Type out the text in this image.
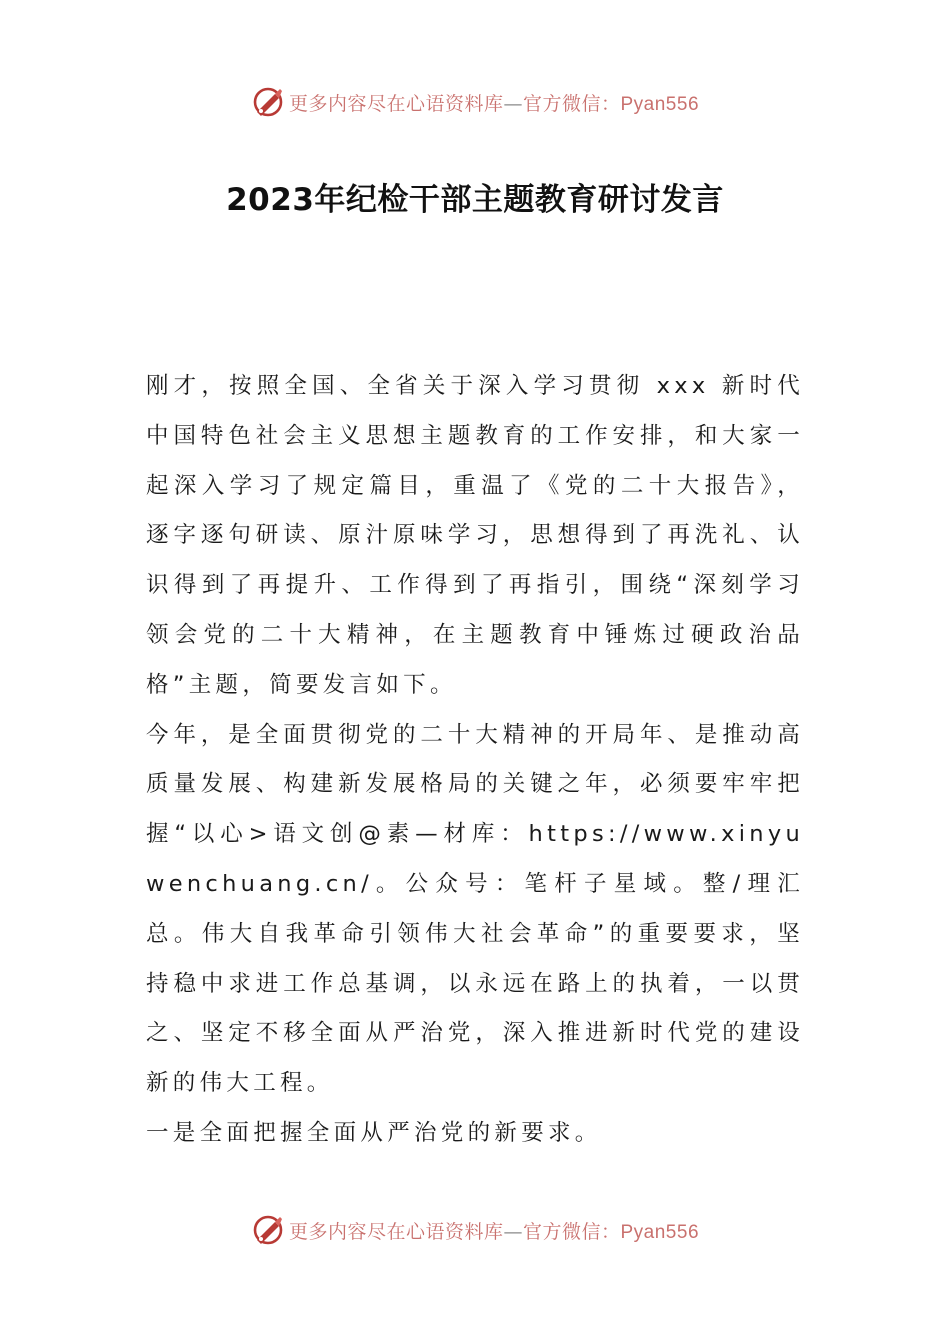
更多内容尽在心语资料库—官方微信：Pyan556
2023年纪检干部主题教育研讨发言

刚才，按照全国、全省关于深入学习贯彻 xxx 新时代中国特色社会主义思想主题教育的工作安排，和大家一起深入学习了规定篇目，重温了《党的二十大报告》，逐字逐句研读、原汁原味学习，思想得到了再洗礼、认识得到了再提升、工作得到了再指引，围绕“深刻学习领会党的二十大精神，在主题教育中锤炼过硬政治品格”主题，简要发言如下。

今年，是全面贯彻党的二十大精神的开局年、是推动高质量发展、构建新发展格局的关键之年，必须要牢牢把握“以心>语文创@素—材库：https://www.xinyuwenchuang.cn/。公众号：笔杆子星域。整/理汇总。伟大自我革命引领伟大社会革命”的重要要求，坚持稳中求进工作总基调，以永远在路上的执着，一以贯之、坚定不移全面从严治党，深入推进新时代党的建设新的伟大工程。

一是全面把握全面从严治党的新要求。

更多内容尽在心语资料库—官方微信：Pyan556
